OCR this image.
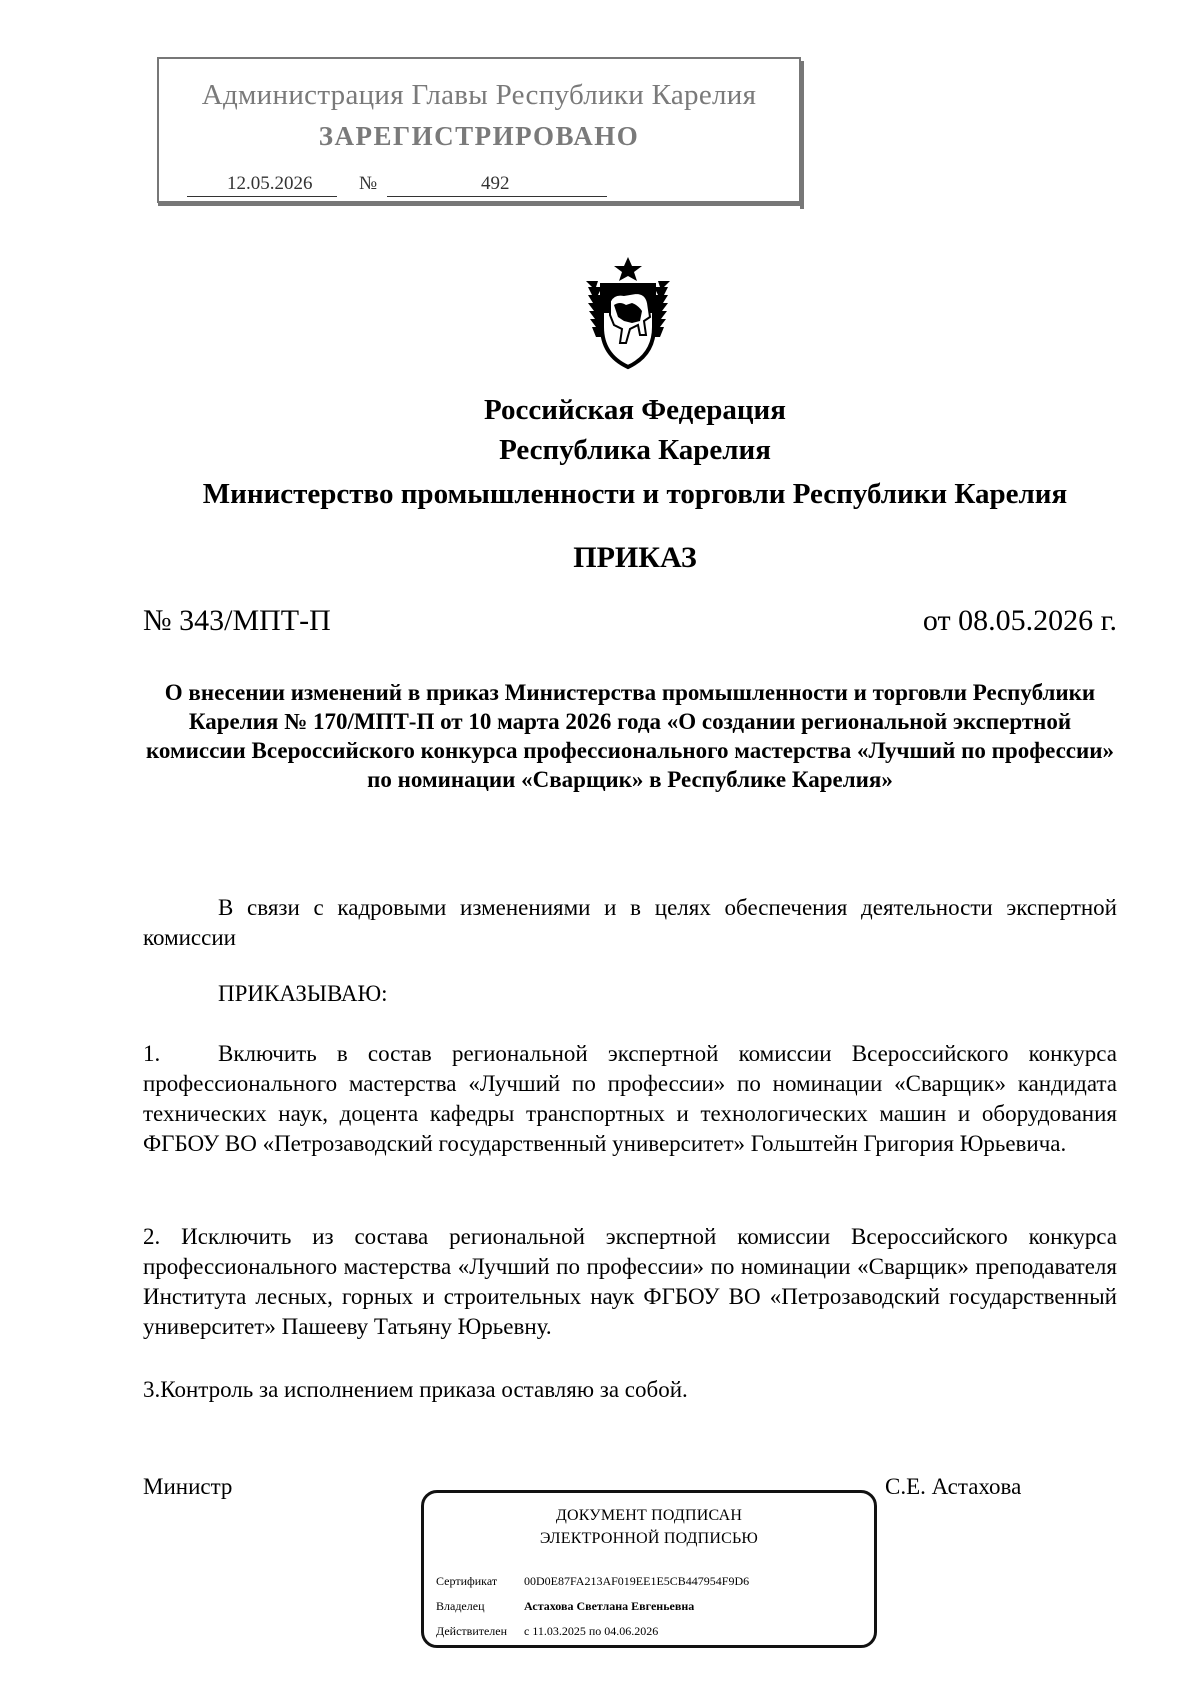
Администрация Главы Республики Карелия
ЗАРЕГИСТРИРОВАНО
12.05.2026 №	492
Российская Федерация
Республика Карелия
Министерство промышленности и торговли Республики Карелия
ПРИКАЗ
№ 343/МПТ-П	от 08.05.2026 г.
О внесении изменений в приказ Министерства промышленности и торговли Республики Карелия № 170/МПТ-П от 10 марта 2026 года «О создании региональной экспертной комиссии Всероссийского конкурса профессионального мастерства «Лучший по профессии» по номинации «Сварщик» в Республике Карелия»
В связи с кадровыми изменениями и в целях обеспечения деятельности экспертной комиссии
ПРИКАЗЫВАЮ:
1.	Включить в состав региональной экспертной комиссии Всероссийского конкурса профессионального мастерства «Лучший по профессии» по номинации «Сварщик» кандидата технических наук, доцента кафедры транспортных и технологических машин и оборудования ФГБОУ ВО «Петрозаводский государственный университет» Гольштейн Григория Юрьевича.
2. Исключить из состава региональной экспертной комиссии Всероссийского конкурса профессионального мастерства «Лучший по профессии» по номинации «Сварщик» преподавателя Института лесных, горных и строительных наук ФГБОУ ВО «Петрозаводский государственный университет» Пашееву Татьяну Юрьевну.
3.Контроль за исполнением приказа оставляю за собой.
Министр	С.Е. Астахова
ДОКУМЕНТ ПОДПИСАН
ЭЛЕКТРОННОЙ ПОДПИСЬЮ
Сертификат 00D0E87FA213AF019EE1E5CB447954F9D6
Владелец	Астахова Светлана Евгеньевна
Действителен с 11.03.2025 по 04.06.2026
